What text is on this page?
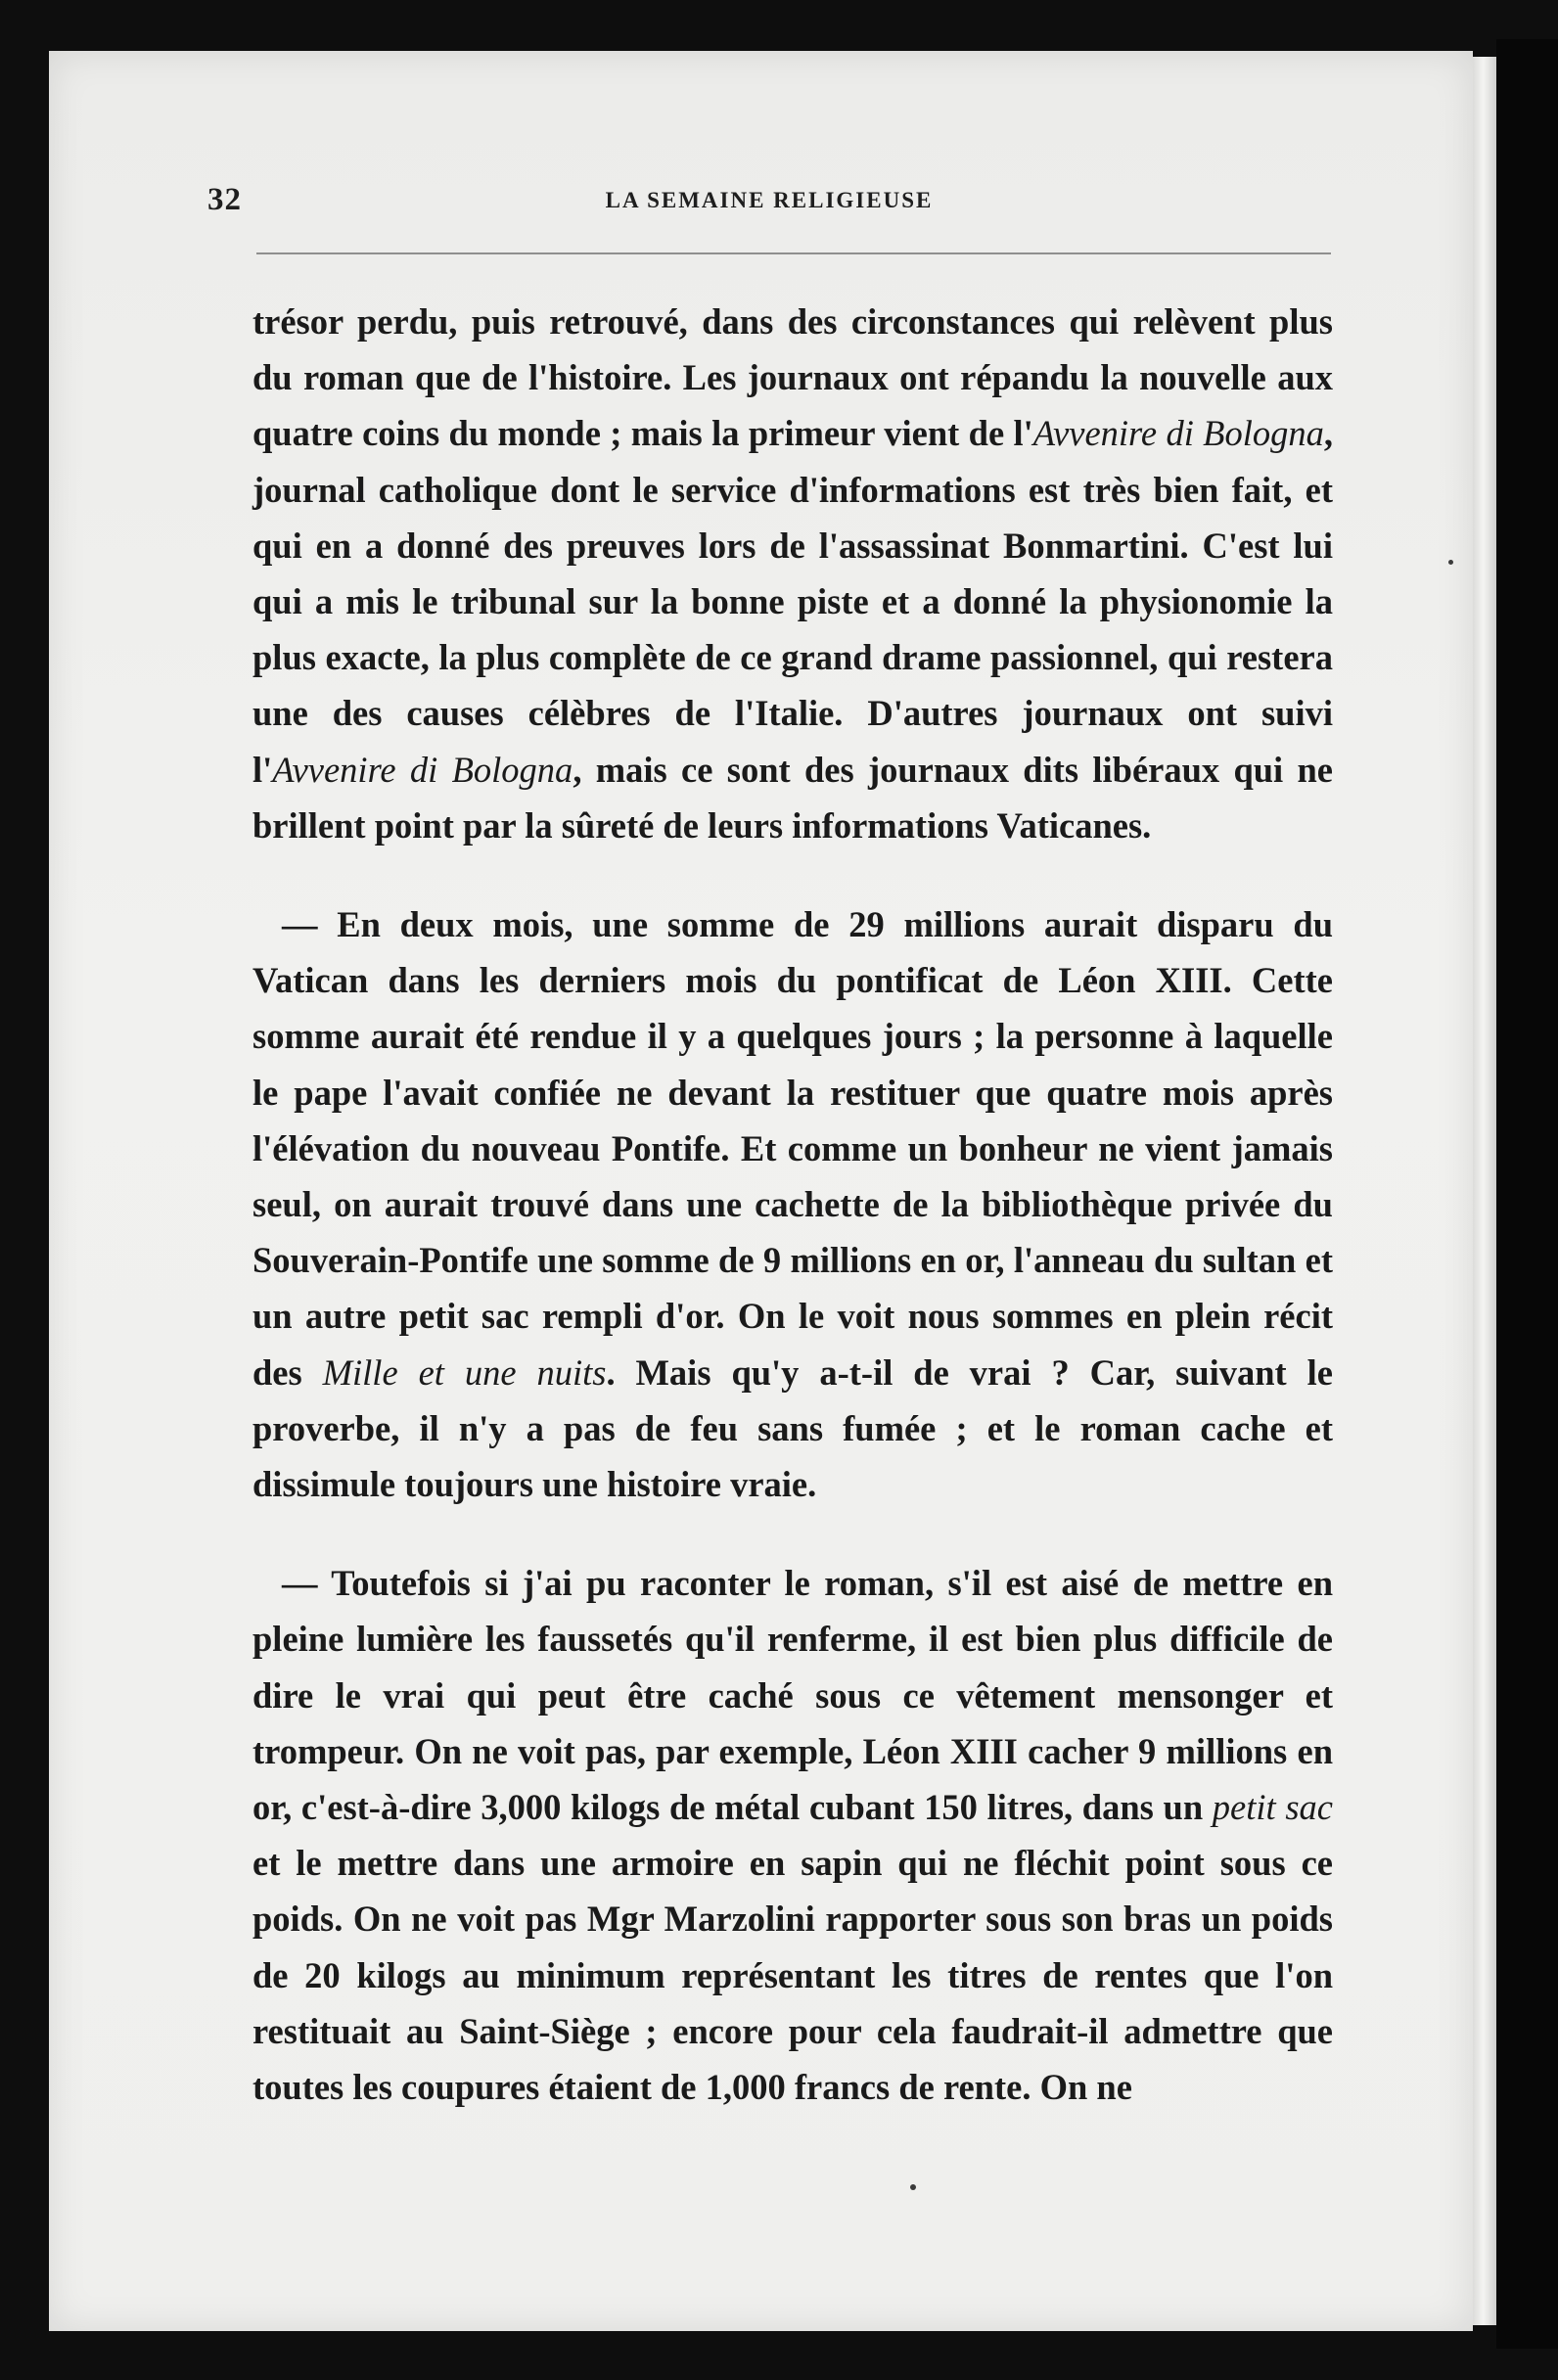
32	LA SEMAINE RELIGIEUSE

trésor perdu, puis retrouvé, dans des circonstances qui relèvent plus du roman que de l'histoire. Les journaux ont répandu la nouvelle aux quatre coins du monde ; mais la primeur vient de l'Avvenire di Bologna, journal catholique dont le service d'informations est très bien fait, et qui en a donné des preuves lors de l'assassinat Bonmartini. C'est lui qui a mis le tribunal sur la bonne piste et a donné la physionomie la plus exacte, la plus complète de ce grand drame passionnel, qui restera une des causes célèbres de l'Italie. D'autres journaux ont suivi l'Avvenire di Bologna, mais ce sont des journaux dits libéraux qui ne brillent point par la sûreté de leurs informations Vaticanes.

— En deux mois, une somme de 29 millions aurait disparu du Vatican dans les derniers mois du pontificat de Léon XIII. Cette somme aurait été rendue il y a quelques jours ; la personne à laquelle le pape l'avait confiée ne devant la restituer que quatre mois après l'élévation du nouveau Pontife. Et comme un bonheur ne vient jamais seul, on aurait trouvé dans une cachette de la bibliothèque privée du Souverain-Pontife une somme de 9 millions en or, l'anneau du sultan et un autre petit sac rempli d'or. On le voit nous sommes en plein récit des Mille et une nuits. Mais qu'y a-t-il de vrai ? Car, suivant le proverbe, il n'y a pas de feu sans fumée ; et le roman cache et dissimule toujours une histoire vraie.

— Toutefois si j'ai pu raconter le roman, s'il est aisé de mettre en pleine lumière les faussetés qu'il renferme, il est bien plus difficile de dire le vrai qui peut être caché sous ce vêtement mensonger et trompeur. On ne voit pas, par exemple, Léon XIII cacher 9 millions en or, c'est-à-dire 3,000 kilogs de métal cubant 150 litres, dans un petit sac et le mettre dans une armoire en sapin qui ne fléchit point sous ce poids. On ne voit pas Mgr Marzolini rapporter sous son bras un poids de 20 kilogs au minimum représentant les titres de rentes que l'on restituait au Saint-Siège ; encore pour cela faudrait-il admettre que toutes les coupures étaient de 1,000 francs de rente. On ne
